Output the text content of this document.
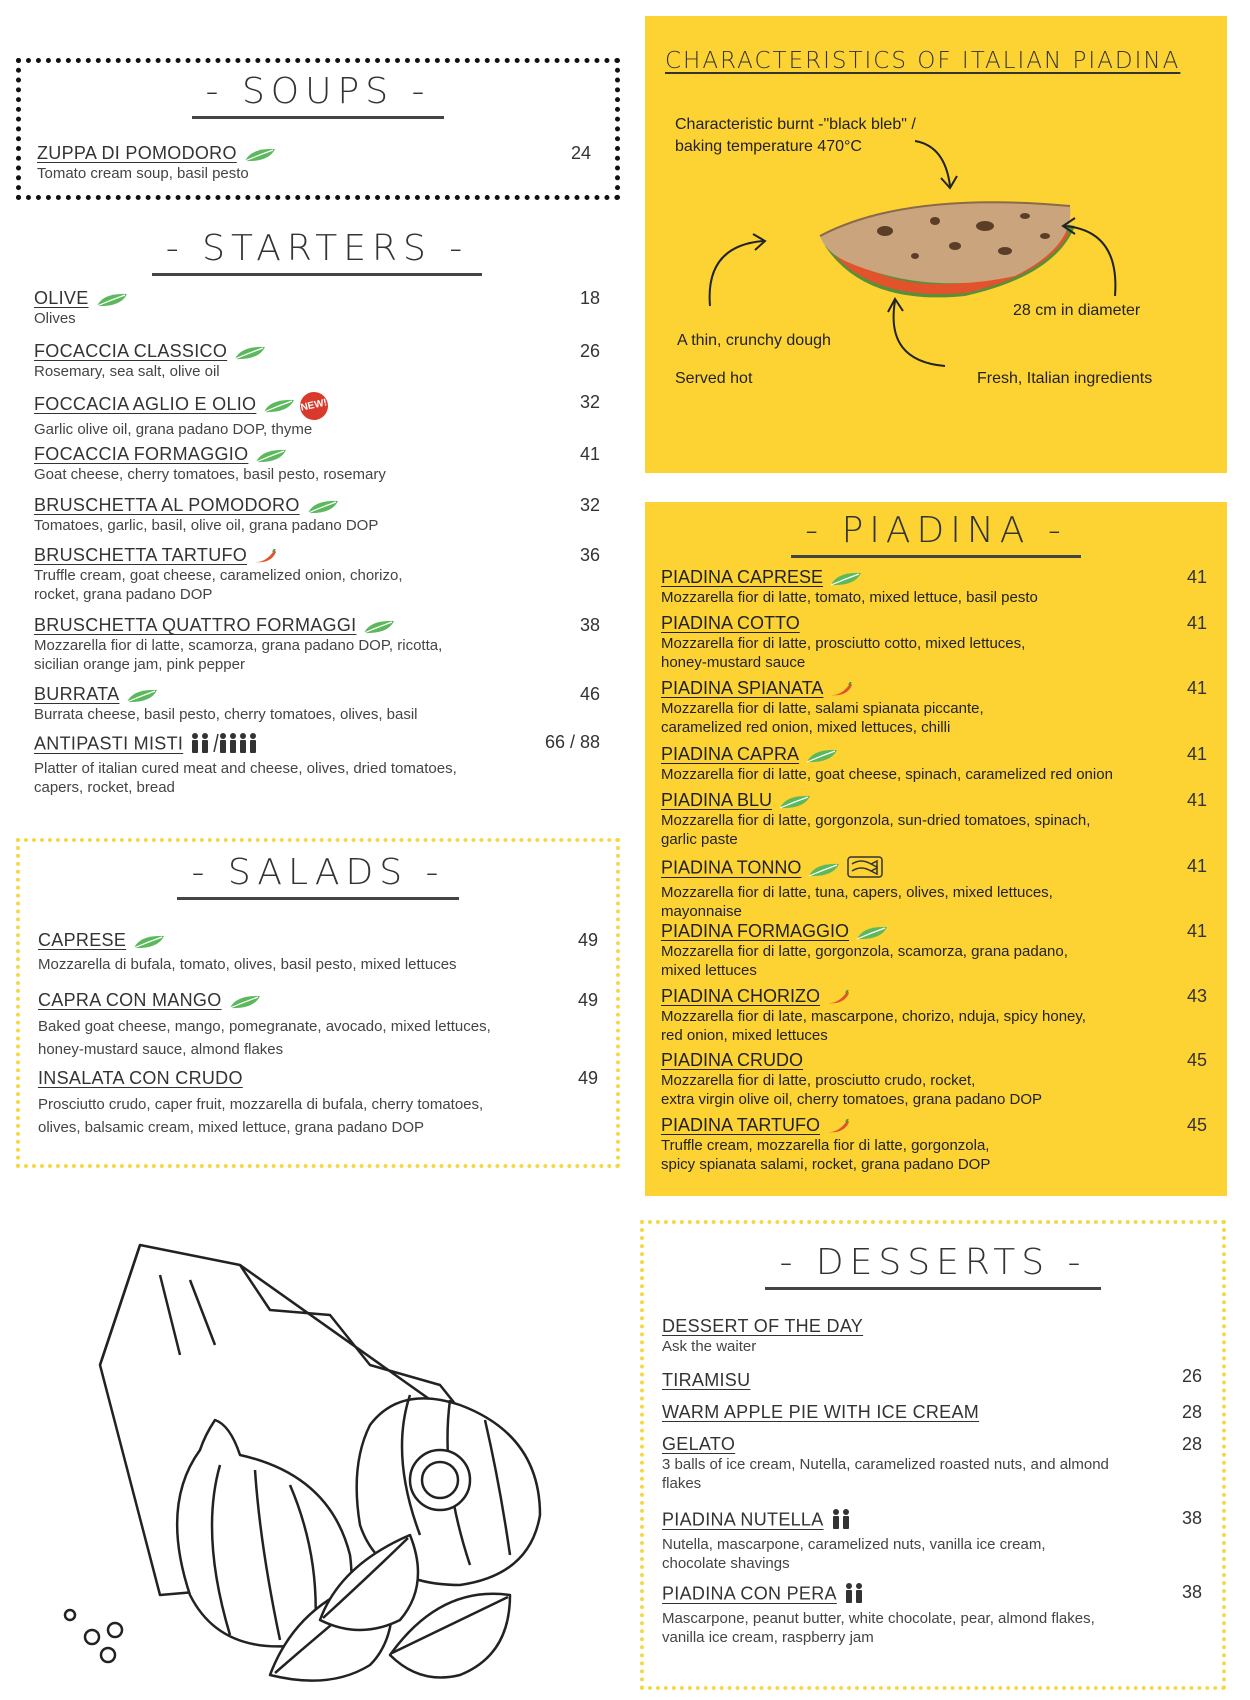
- SOUPS -
ZUPPA DI POMODORO
Tomato cream soup, basil pesto
24
- STARTERS -
OLIVE
Olives
18
FOCACCIA CLASSICO
Rosemary, sea salt, olive oil
26
FOCCACIA AGLIO E OLIO	NEW!
Garlic olive oil, grana padano DOP, thyme
32
FOCACCIA FORMAGGIO
Goat cheese, cherry tomatoes, basil pesto, rosemary
41
BRUSCHETTA AL POMODORO
Tomatoes, garlic, basil, olive oil, grana padano DOP
32
BRUSCHETTA TARTUFO
Truffle cream, goat cheese, caramelized onion, chorizo,
rocket, grana padano DOP
36
BRUSCHETTA QUATTRO FORMAGGI
Mozzarella fior di latte, scamorza, grana padano DOP, ricotta,
sicilian orange jam, pink pepper
38
BURRATA
Burrata cheese, basil pesto, cherry tomatoes, olives, basil
46
ANTIPASTI MISTI
Platter of italian cured meat and cheese, olives, dried tomatoes,
capers, rocket, bread
66 / 88
- SALADS -
CAPRESE
Mozzarella di bufala, tomato, olives, basil pesto, mixed lettuces
49
CAPRA CON MANGO
Baked goat cheese, mango, pomegranate, avocado, mixed lettuces,
honey-mustard sauce, almond flakes
49
INSALATA CON CRUDO
Prosciutto crudo, caper fruit, mozzarella di bufala, cherry tomatoes,
olives, balsamic cream, mixed lettuce, grana padano DOP
49
CHARACTERISTICS OF ITALIAN PIADINA
Characteristic burnt -"black bleb" /
baking temperature 470°C
28 cm in diameter
A thin, crunchy dough
Served hot	Fresh, Italian ingredients
- PIADINA -
PIADINA CAPRESE
Mozzarella fior di latte, tomato, mixed lettuce, basil pesto
41
PIADINA COTTO
Mozzarella fior di latte, prosciutto cotto, mixed lettuces,
honey-mustard sauce
41
PIADINA SPIANATA
Mozzarella fior di latte, salami spianata piccante,
caramelized red onion, mixed lettuces, chilli
41
PIADINA CAPRA
Mozzarella fior di latte, goat cheese, spinach, caramelized red onion
41
PIADINA BLU
Mozzarella fior di latte, gorgonzola, sun-dried tomatoes, spinach,
garlic paste
41
PIADINA TONNO
Mozzarella fior di latte, tuna, capers, olives, mixed lettuces,
mayonnaise
41
PIADINA FORMAGGIO
Mozzarella fior di latte, gorgonzola, scamorza, grana padano,
mixed lettuces
41
PIADINA CHORIZO
Mozzarella fior di late, mascarpone, chorizo, nduja, spicy honey,
red onion, mixed lettuces
43
PIADINA CRUDO
Mozzarella fior di latte, prosciutto crudo, rocket,
extra virgin olive oil, cherry tomatoes, grana padano DOP
45
PIADINA TARTUFO
Truffle cream, mozzarella fior di latte, gorgonzola,
spicy spianata salami, rocket, grana padano DOP
45
- DESSERTS -
DESSERT OF THE DAY
Ask the waiter
TIRAMISU	26
WARM APPLE PIE WITH ICE CREAM	28
GELATO
3 balls of ice cream, Nutella, caramelized roasted nuts, and almond
flakes
28
PIADINA NUTELLA
Nutella, mascarpone, caramelized nuts, vanilla ice cream,
chocolate shavings
38
PIADINA CON PERA
Mascarpone, peanut butter, white chocolate, pear, almond flakes,
vanilla ice cream, raspberry jam
38
